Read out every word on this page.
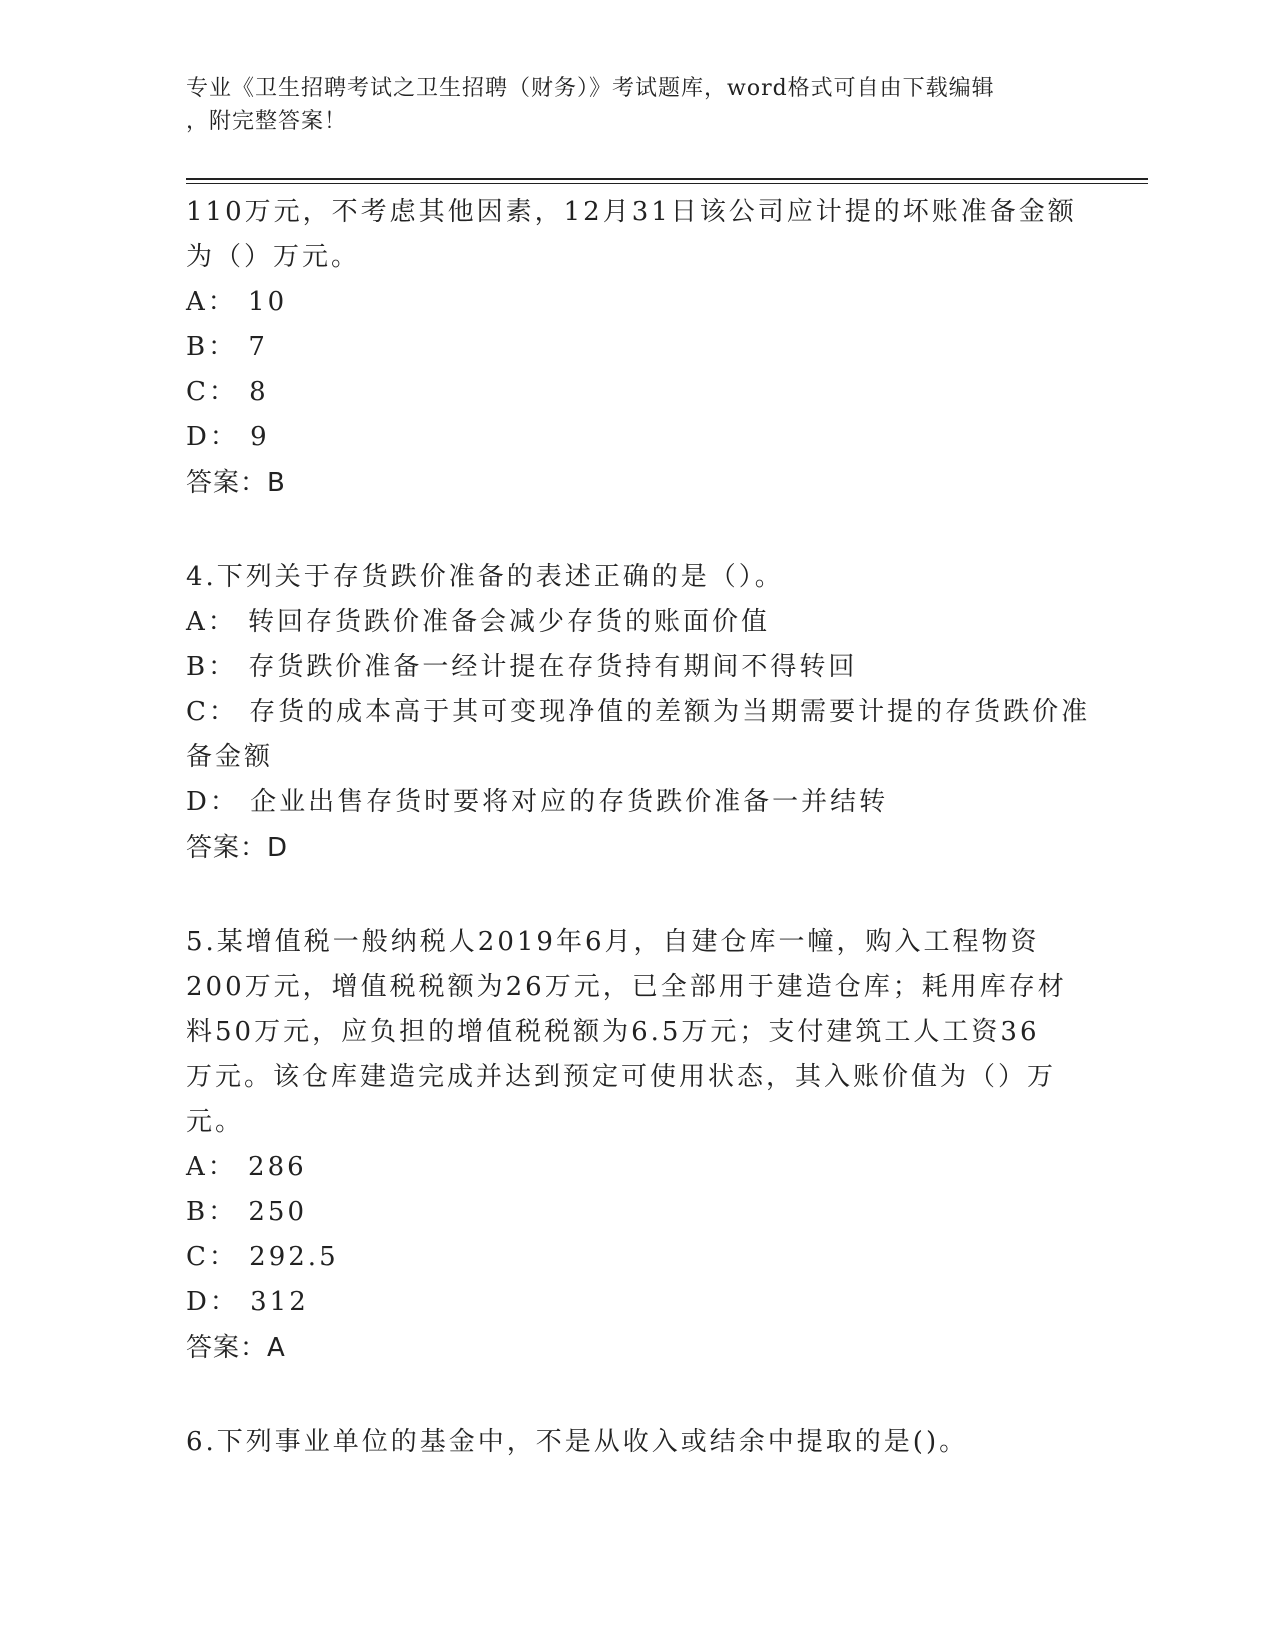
专业《卫生招聘考试之卫生招聘（财务）》考试题库，word格式可自由下载编辑
，附完整答案！

110万元，不考虑其他因素，12月31日该公司应计提的坏账准备金额

为（）万元。

A： 10

B： 7

C： 8

D： 9

答案：B

4.下列关于存货跌价准备的表述正确的是（）。

A： 转回存货跌价准备会减少存货的账面价值

B： 存货跌价准备一经计提在存货持有期间不得转回

C： 存货的成本高于其可变现净值的差额为当期需要计提的存货跌价准

备金额

D： 企业出售存货时要将对应的存货跌价准备一并结转

答案：D

5.某增值税一般纳税人2019年6月，自建仓库一幢，购入工程物资

200万元，增值税税额为26万元，已全部用于建造仓库；耗用库存材

料50万元，应负担的增值税税额为6.5万元；支付建筑工人工资36

万元。该仓库建造完成并达到预定可使用状态，其入账价值为（）万

元。

A： 286

B： 250

C： 292.5

D： 312

答案：A

6.下列事业单位的基金中，不是从收入或结余中提取的是()。
